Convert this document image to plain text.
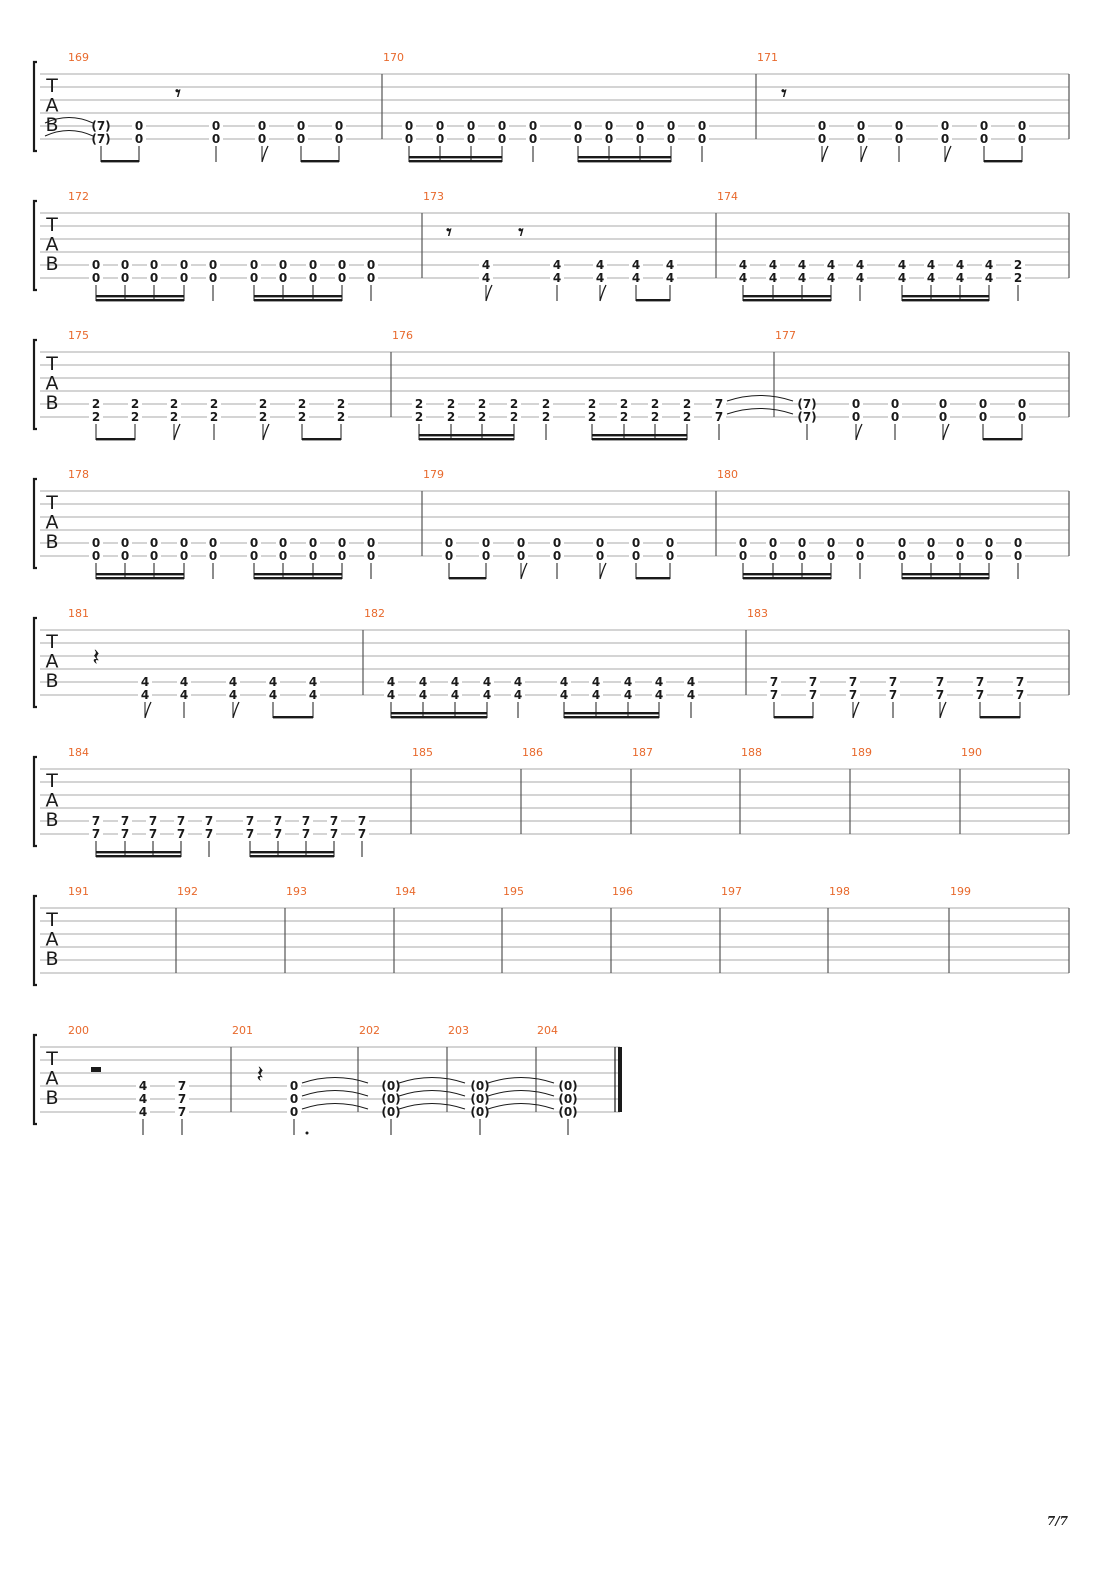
T
A
B
169
(7)
(7)
0
0
𝄾
0
0
0
0
0
0
0
0
170
0
0
0
0
0
0
0
0
0
0
0
0
0
0
0
0
0
0
0
0
171
𝄾
0
0
0
0
0
0
0
0
0
0
0
0
T
A
B
172
0
0
0
0
0
0
0
0
0
0
0
0
0
0
0
0
0
0
0
0
173
𝄾
4
4
𝄾
4
4
4
4
4
4
4
4
174
4
4
4
4
4
4
4
4
4
4
4
4
4
4
4
4
4
4
2
2
T
A
B
175
2
2
2
2
2
2
2
2
2
2
2
2
2
2
176
2
2
2
2
2
2
2
2
2
2
2
2
2
2
2
2
2
2
7
7
177
(7)
(7)
0
0
0
0
0
0
0
0
0
0
T
A
B
178
0
0
0
0
0
0
0
0
0
0
0
0
0
0
0
0
0
0
0
0
179
0
0
0
0
0
0
0
0
0
0
0
0
0
0
180
0
0
0
0
0
0
0
0
0
0
0
0
0
0
0
0
0
0
0
0
T
A
B
181
𝄽
4
4
4
4
4
4
4
4
4
4
182
4
4
4
4
4
4
4
4
4
4
4
4
4
4
4
4
4
4
4
4
183
7
7
7
7
7
7
7
7
7
7
7
7
7
7
T
A
B
184
7
7
7
7
7
7
7
7
7
7
7
7
7
7
7
7
7
7
7
7
185	186	187	188	189	190
T
A
B
191	192	193	194	195	196	197	198	199
T
A
B
200
4
4
4
7
7
7
201
𝄽 0
0
0
202
(0)
(0)
(0)
203
(0)
(0)
(0)
204
(0)
(0)
(0)
7/7
